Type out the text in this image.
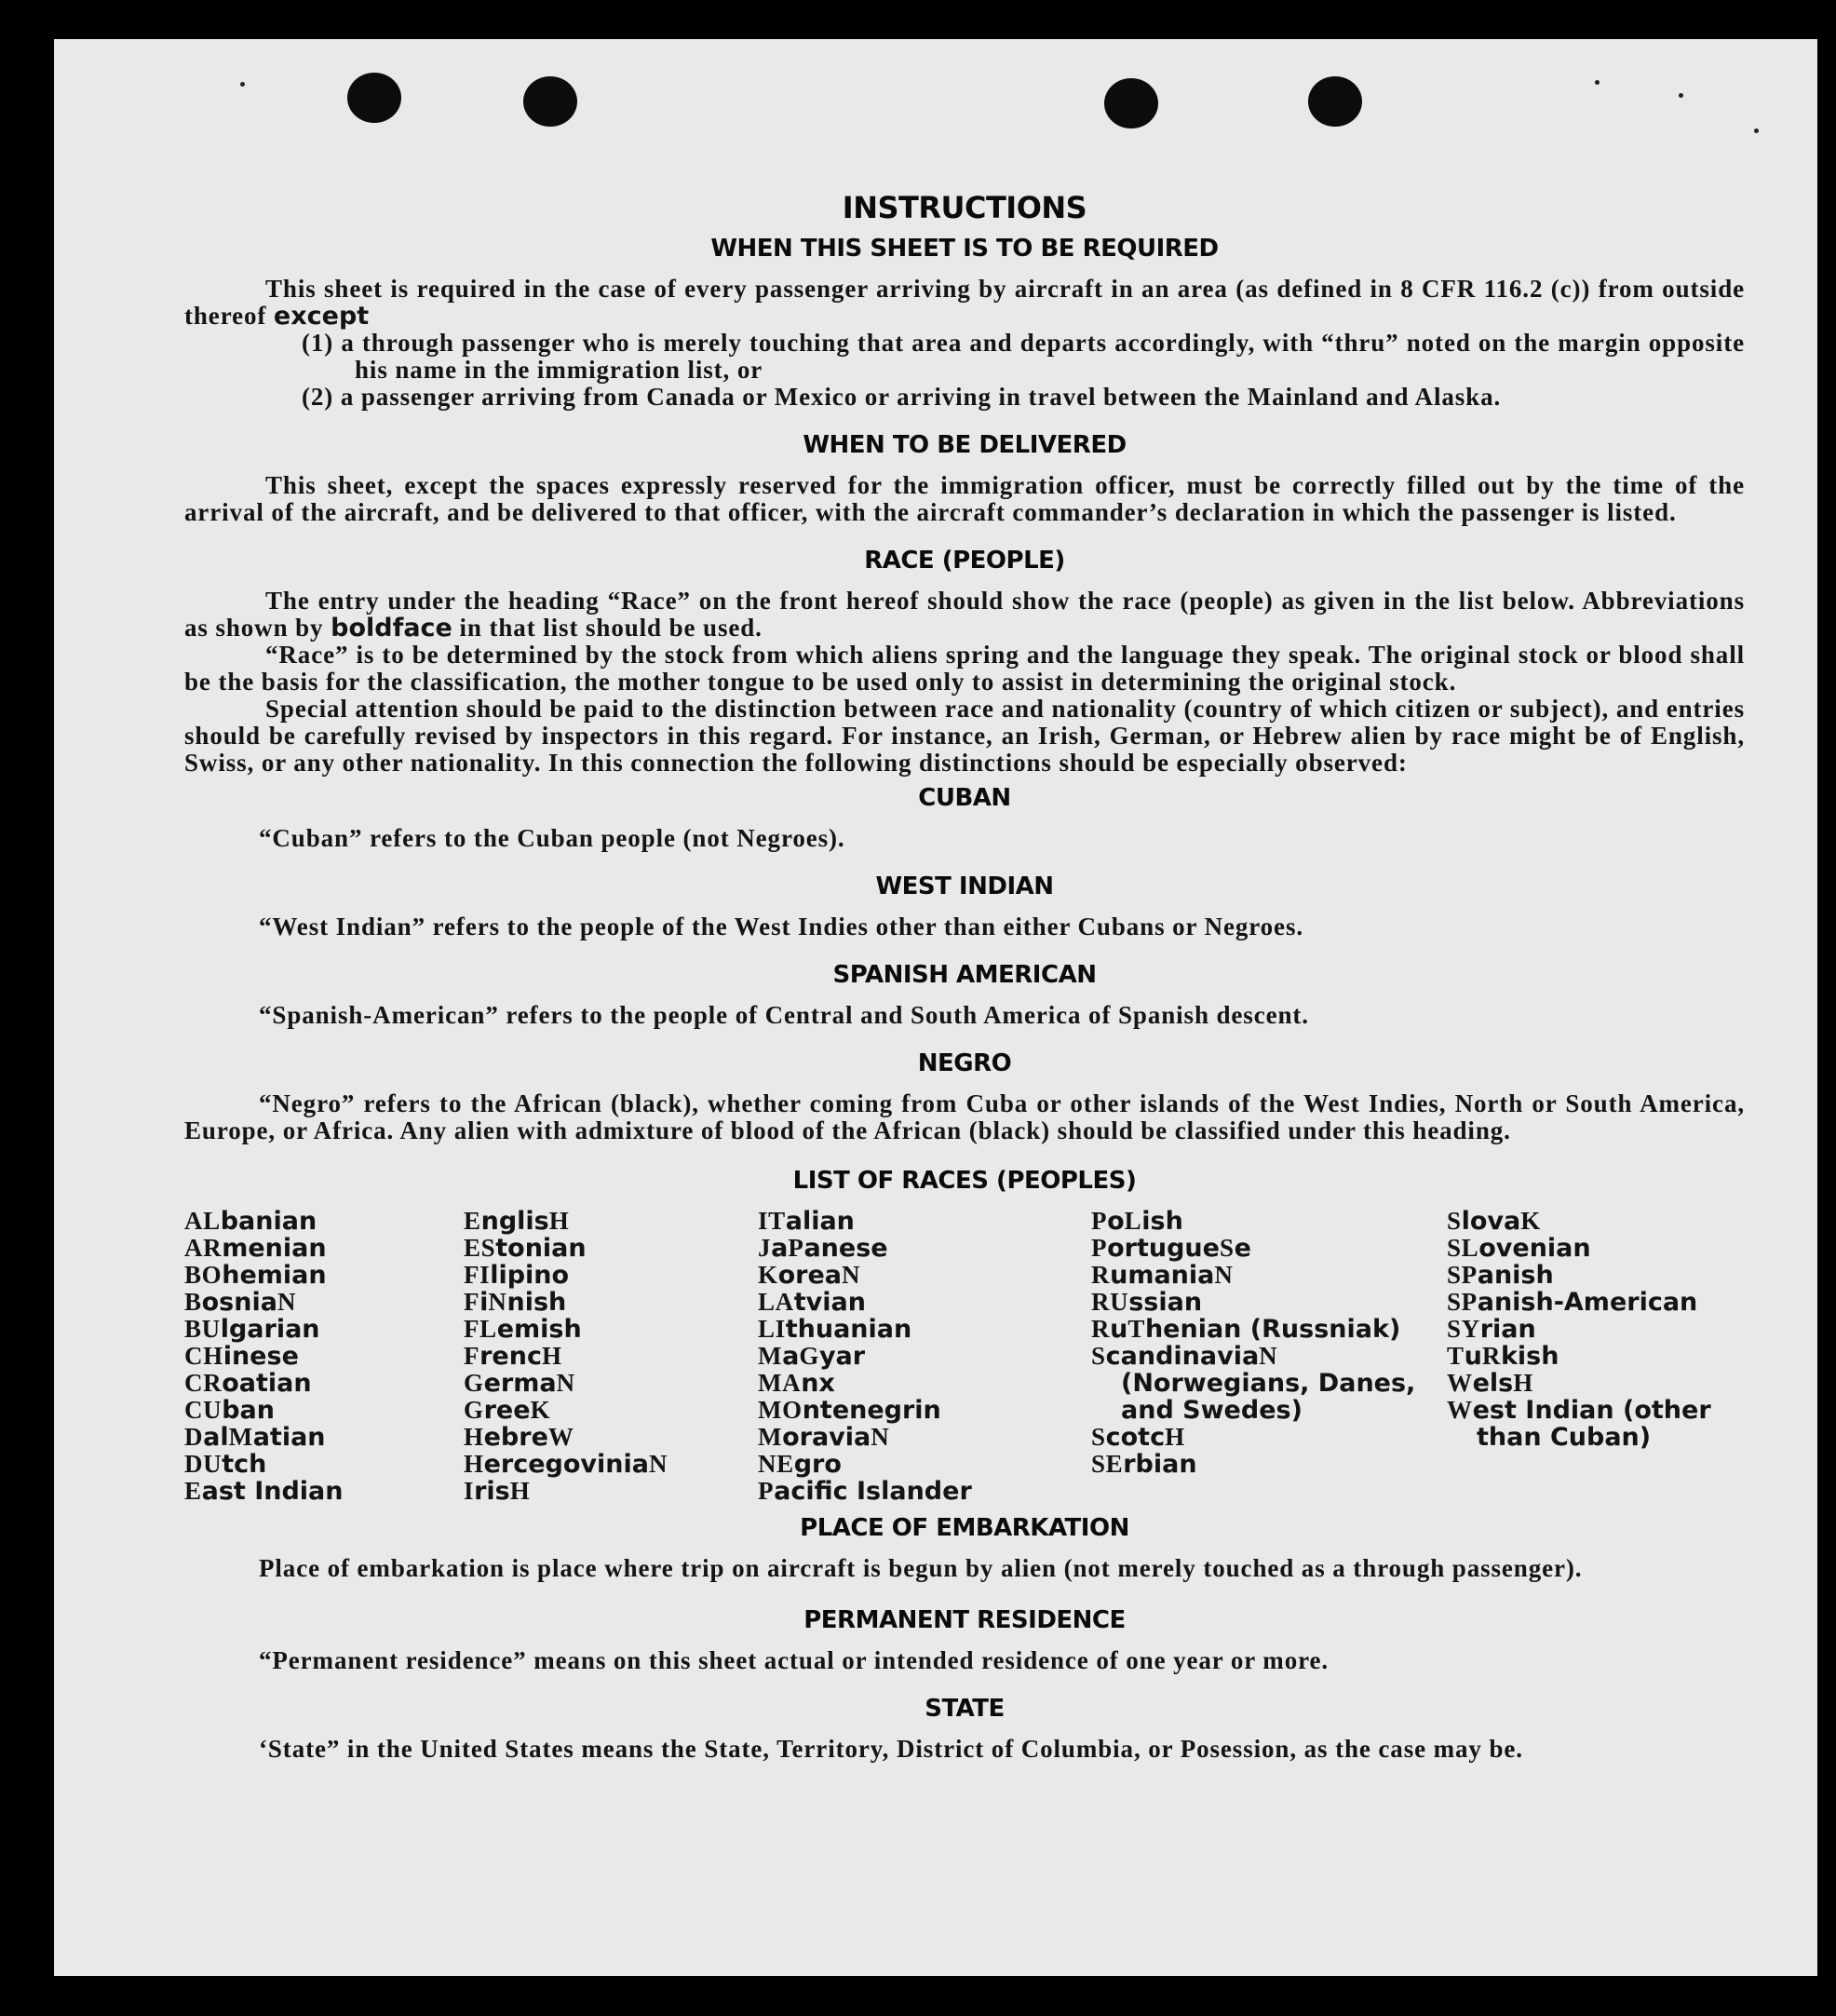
INSTRUCTIONS
WHEN THIS SHEET IS TO BE REQUIRED

This sheet is required in the case of every passenger arriving by aircraft in an area (as defined in 8 CFR 116.2 (c)) from outside thereof except

(1) a through passenger who is merely touching that area and departs accordingly, with “thru” noted on the margin opposite his name in the immigration list, or
(2) a passenger arriving from Canada or Mexico or arriving in travel between the Mainland and Alaska.
WHEN TO BE DELIVERED

This sheet, except the spaces expressly reserved for the immigration officer, must be correctly filled out by the time of the arrival of the aircraft, and be delivered to that officer, with the aircraft commander’s declaration in which the passenger is listed.

RACE (PEOPLE)

The entry under the heading “Race” on the front hereof should show the race (people) as given in the list below. Abbreviations as shown by boldface in that list should be used.

“Race” is to be determined by the stock from which aliens spring and the language they speak. The original stock or blood shall be the basis for the classification, the mother tongue to be used only to assist in determining the original stock.

Special attention should be paid to the distinction between race and nationality (country of which citizen or subject), and entries should be carefully revised by inspectors in this regard. For instance, an Irish, German, or Hebrew alien by race might be of English, Swiss, or any other nationality. In this connection the following distinctions should be especially observed:

CUBAN

“Cuban” refers to the Cuban people (not Negroes).

WEST INDIAN

“West Indian” refers to the people of the West Indies other than either Cubans or Negroes.

SPANISH AMERICAN

“Spanish-American” refers to the people of Central and South America of Spanish descent.

NEGRO

“Negro” refers to the African (black), whether coming from Cuba or other islands of the West Indies, North or South America, Europe, or Africa. Any alien with admixture of blood of the African (black) should be classified under this heading.

LIST OF RACES (PEOPLES)
ALbanian
ARmenian
BOhemian
BosniaN
BUlgarian
CHinese
CRoatian
CUban
DalMatian
DUtch
East Indian
EnglisH
EStonian
FIlipino
FiNnish
FLemish
FrencH
GermaN
GreeK
HebreW
HercegoviniaN
IrisH
ITalian
JaPanese
KoreaN
LAtvian
LIthuanian
MaGyar
MAnx
MOntenegrin
MoraviaN
NEgro
Pacific Islander
PoLish
PortugueSe
RumaniaN
RUssian
RuThenian (Russniak)
ScandinaviaN (Norwegians, Danes, and Swedes)
ScotcH
SErbian
SlovaK
SLovenian
SPanish
SPanish-American
SYrian
TuRkish
WelsH
West Indian (other than Cuban)
PLACE OF EMBARKATION

Place of embarkation is place where trip on aircraft is begun by alien (not merely touched as a through passenger).

PERMANENT RESIDENCE

“Permanent residence” means on this sheet actual or intended residence of one year or more.

STATE

‘State” in the United States means the State, Territory, District of Columbia, or Posession, as the case may be.
